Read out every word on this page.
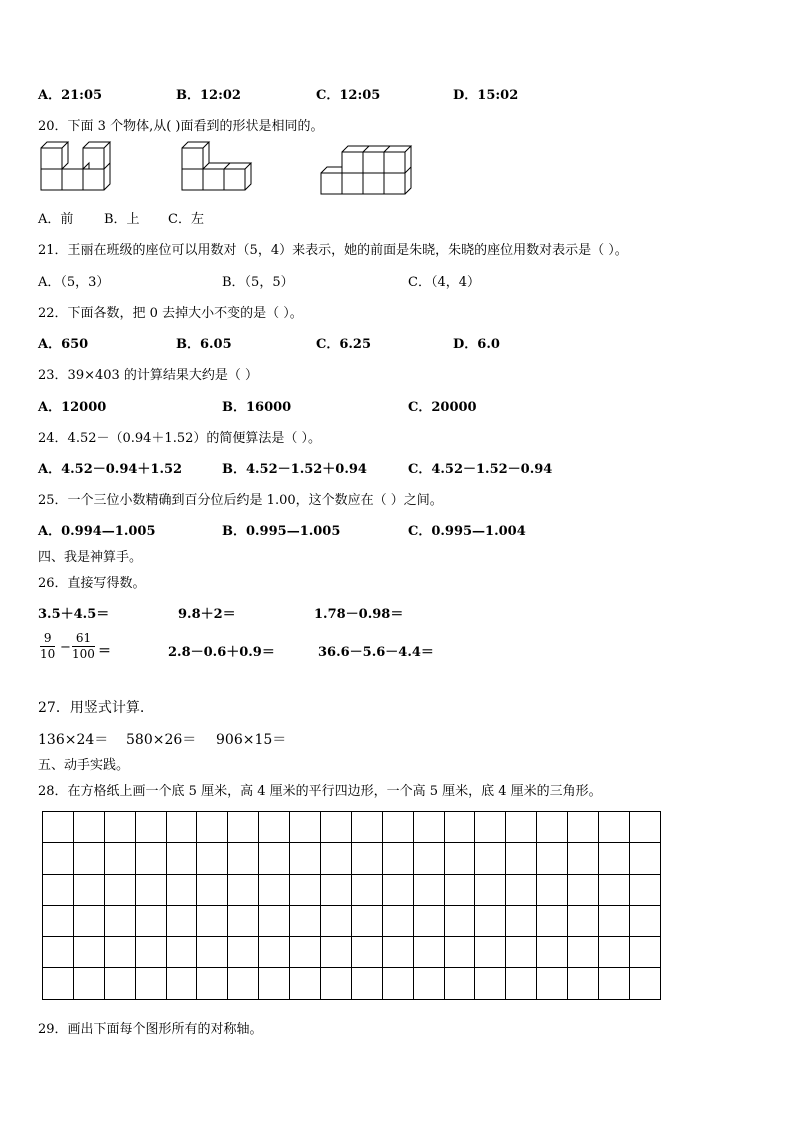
A．21:05	B．12:02	C．12:05	D．15:02
20．下面 3 个物体,从( )面看到的形状是相同的。
A．前 B．上 C．左
21．王丽在班级的座位可以用数对（5，4）来表示，她的前面是朱晓，朱晓的座位用数对表示是（ ）。
A．（5，3）	B．（5，5）	C．（4，4）
22．下面各数，把 0 去掉大小不变的是（ ）。
A．650	B．6.05	C．6.25	D．6.0
23．39×403 的计算结果大约是（ ）
A．12000	B．16000	C．20000
24．4.52－（0.94＋1.52）的简便算法是（ ）。
A．4.52－0.94＋1.52	B．4.52－1.52＋0.94	C．4.52－1.52－0.94
25．一个三位小数精确到百分位后约是 1.00，这个数应在（ ）之间。
A．0.994—1.005	B．0.995—1.005	C．0.995—1.004
四、我是神算手。
26．直接写得数。
3.5＋4.5＝	9.8＋2＝	1.78－0.98＝
9
10 −
61
100 ＝	2.8－0.6＋0.9＝	36.6－5.6－4.4＝
27．用竖式计算.
136×24＝ 580×26＝ 906×15＝
五、动手实践。
28．在方格纸上画一个底 5 厘米，高 4 厘米的平行四边形，一个高 5 厘米，底 4 厘米的三角形。

29．画出下面每个图形所有的对称轴。
